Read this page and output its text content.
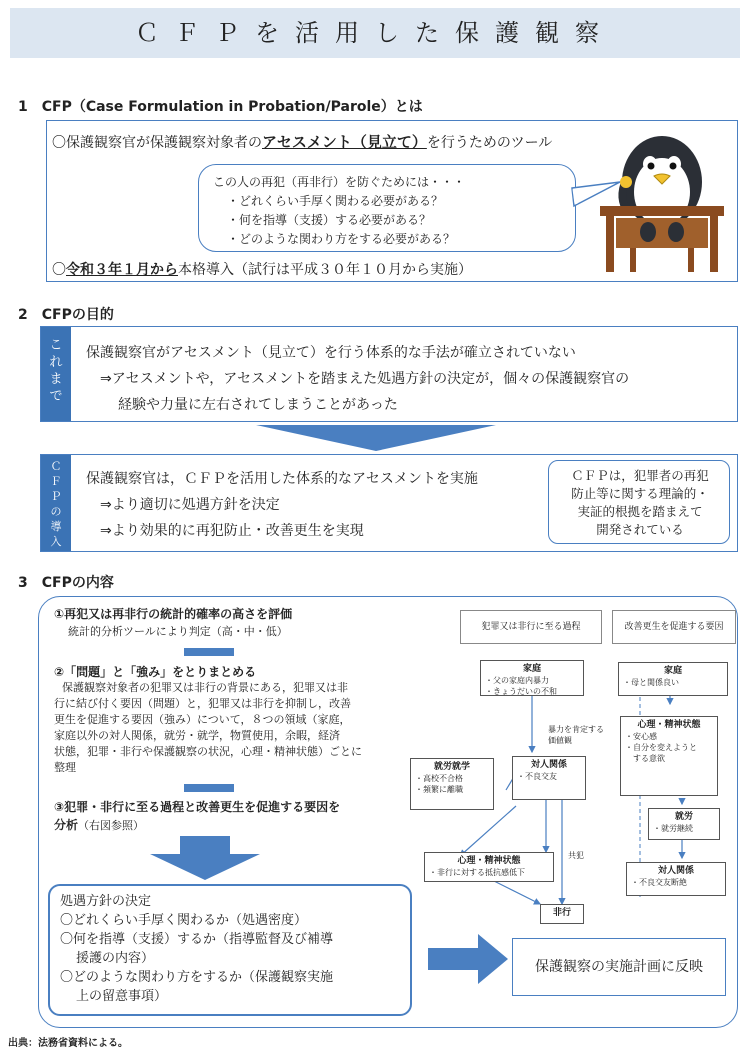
ＣＦＰを活用した保護観察
1　CFP（Case Formulation in Probation/Parole）とは
〇保護観察官が保護観察対象者のアセスメント（見立て）を行うためのツール
この人の再犯（再非行）を防ぐためには・・・
・どれくらい手厚く関わる必要がある？
・何を指導（支援）する必要がある？
・どのような関わり方をする必要がある？
〇令和３年１月から本格導入（試行は平成３０年１０月から実施）
2　CFPの目的
こ
れ
ま
で
保護観察官がアセスメント（見立て）を行う体系的な手法が確立されていない
⇒アセスメントや，アセスメントを踏まえた処遇方針の決定が，個々の保護観察官の
経験や力量に左右されてしまうことがあった
Ｃ
Ｆ
Ｐ
の
導
入
保護観察官は，ＣＦＰを活用した体系的なアセスメントを実施
⇒より適切に処遇方針を決定
⇒より効果的に再犯防止・改善更生を実現
ＣＦＰは，犯罪者の再犯
防止等に関する理論的・
実証的根拠を踏まえて
開発されている
3　CFPの内容
①再犯又は再非行の統計的確率の高さを評価
統計的分析ツールにより判定（高・中・低）
②「問題」と「強み」をとりまとめる
保護観察対象者の犯罪又は非行の背景にある，犯罪又は非
行に結び付く要因（問題）と，犯罪又は非行を抑制し，改善
更生を促進する要因（強み）について，８つの領域（家庭，
家庭以外の対人関係，就労・就学，物質使用，余暇，経済
状態，犯罪・非行や保護観察の状況，心理・精神状態）ごとに
整理
③犯罪・非行に至る過程と改善更生を促進する要因を
分析（右図参照）
処遇方針の決定
〇どれくらい手厚く関わるか（処遇密度）
〇何を指導（支援）するか（指導監督及び補導
援護の内容）
〇どのような関わり方をするか（保護観察実施
上の留意事項）
保護観察の実施計画に反映
犯罪又は非行に至る過程	改善更生を促進する要因
家庭
・父の家庭内暴力
・きょうだいの不和
暴力を肯定する
価値観
就労就学
・高校不合格
・頻繁に離職
対人関係
・不良交友
心理・精神状態
・非行に対する抵抗感低下
共犯
非行
家庭
・母と関係良い
心理・精神状態
・安心感
・自分を変えようと
　する意欲
就労
・就労継続
対人関係
・不良交友断絶
出典：法務省資料による。
